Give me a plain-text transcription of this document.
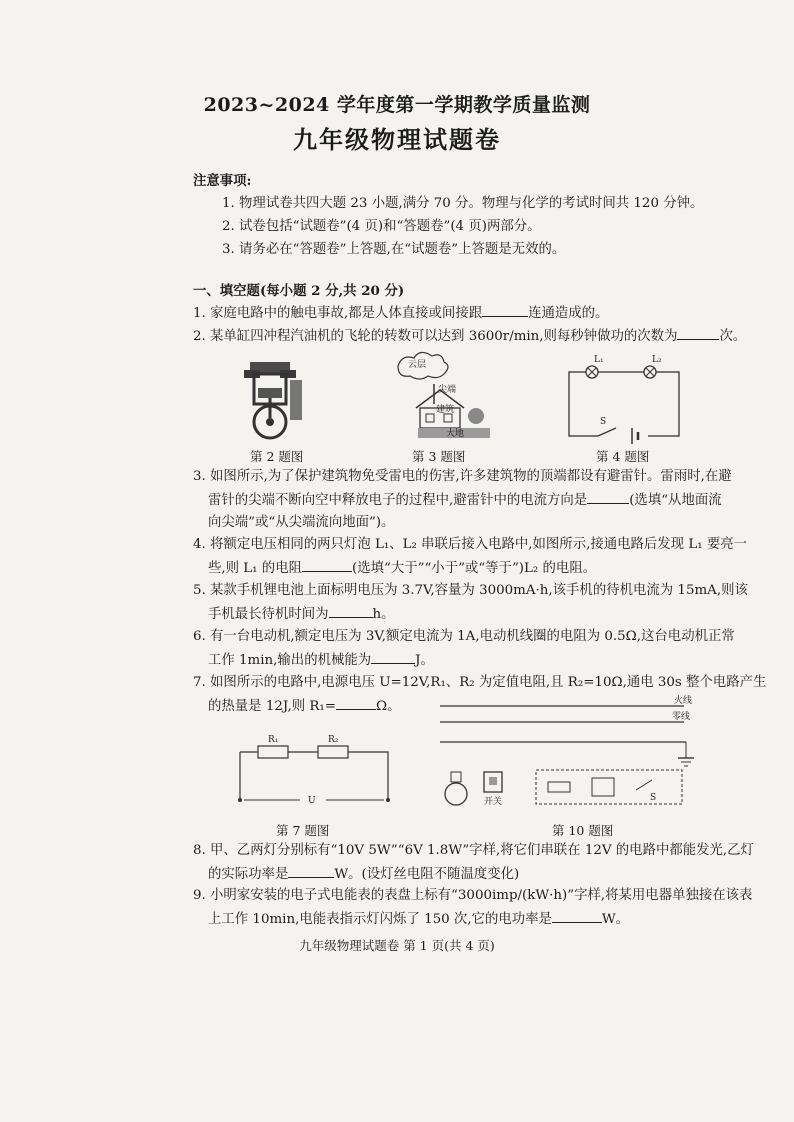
2023~2024 学年度第一学期教学质量监测
九年级物理试题卷
注意事项:
1. 物理试卷共四大题 23 小题,满分 70 分。物理与化学的考试时间共 120 分钟。
2. 试卷包括“试题卷”(4 页)和“答题卷”(4 页)两部分。
3. 请务必在“答题卷”上答题,在“试题卷”上答题是无效的。
一、填空题(每小题 2 分,共 20 分)
1. 家庭电路中的触电事故,都是人体直接或间接跟	连通造成的。
2. 某单缸四冲程汽油机的飞轮的转数可以达到 3600r/min,则每秒钟做功的次数为	次。
第 2 题图
云层
尖端
建筑
大地
第 3 题图
L₁	L₂
S
第 4 题图
3. 如图所示,为了保护建筑物免受雷电的伤害,许多建筑物的顶端都设有避雷针。雷雨时,在避
雷针的尖端不断向空中释放电子的过程中,避雷针中的电流方向是	(选填“从地面流
向尖端”或“从尖端流向地面”)。
4. 将额定电压相同的两只灯泡 L₁、L₂ 串联后接入电路中,如图所示,接通电路后发现 L₁ 要亮一
些,则 L₁ 的电阻	(选填“大于”“小于”或“等于”)L₂ 的电阻。
5. 某款手机锂电池上面标明电压为 3.7V,容量为 3000mA·h,该手机的待机电流为 15mA,则该
手机最长待机时间为	h。
6. 有一台电动机,额定电压为 3V,额定电流为 1A,电动机线圈的电阻为 0.5Ω,这台电动机正常
工作 1min,输出的机械能为	J。
7. 如图所示的电路中,电源电压 U=12V,R₁、R₂ 为定值电阻,且 R₂=10Ω,通电 30s 整个电路产生
的热量是 12J,则 R₁=	Ω。
R₁	R₂
U
第 7 题图
火线
零线
开关	S
第 10 题图
8. 甲、乙两灯分别标有“10V 5W”“6V 1.8W”字样,将它们串联在 12V 的电路中都能发光,乙灯
的实际功率是	W。(设灯丝电阻不随温度变化)
9. 小明家安装的电子式电能表的表盘上标有“3000imp/(kW·h)”字样,将某用电器单独接在该表
上工作 10min,电能表指示灯闪烁了 150 次,它的电功率是	W。
九年级物理试题卷 第 1 页(共 4 页)
